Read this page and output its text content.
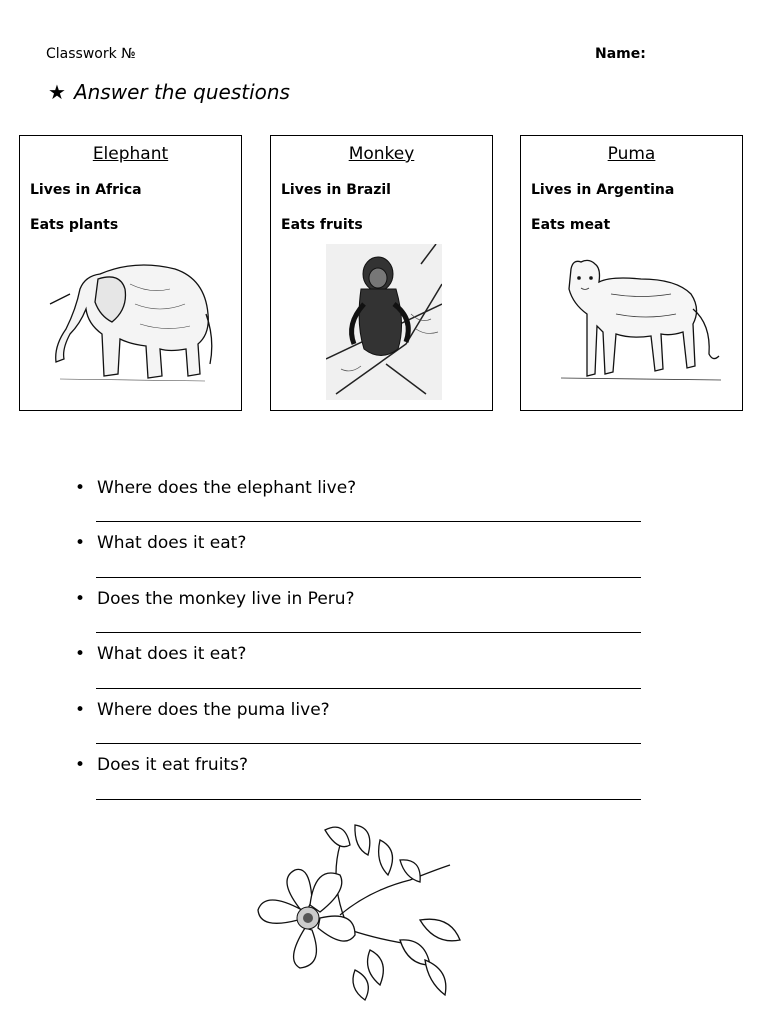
Classwork №	Name:
★ Answer the questions
Elephant
Lives in Africa
Eats plants
Monkey
Lives in Brazil
Eats fruits
Puma
Lives in Argentina
Eats meat
• Where does the elephant live?
• What does it eat?
• Does the monkey live in Peru?
• What does it eat?
• Where does the puma live?
• Does it eat fruits?
